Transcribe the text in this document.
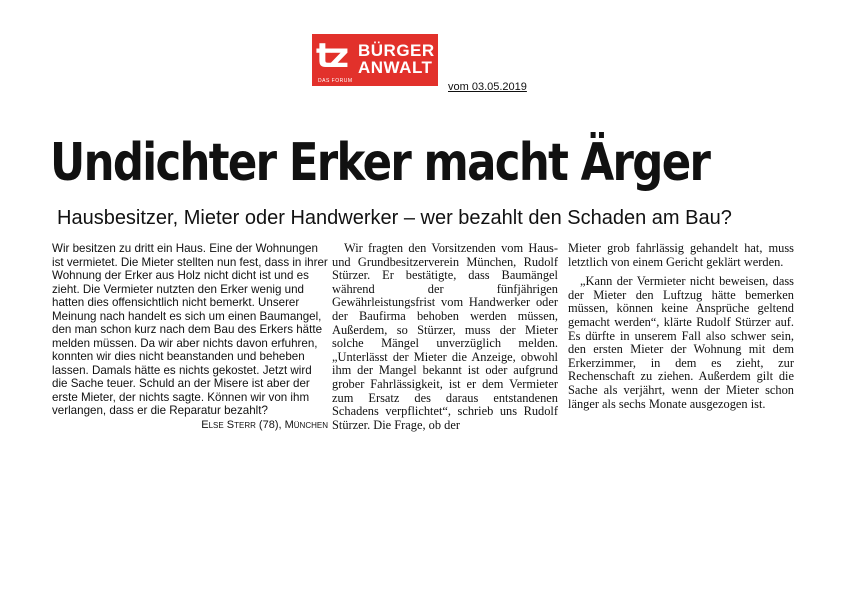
tz BÜRGER
ANWALT
DAS FORUM	vom 03.05.2019
Undichter Erker macht Ärger
Hausbesitzer, Mieter oder Handwerker – wer bezahlt den Schaden am Bau?

Wir besitzen zu dritt ein Haus. Eine der Wohnungen ist vermietet. Die Mieter stellten nun fest, dass in ihrer Wohnung der Erker aus Holz nicht dicht ist und es zieht. Die Vermieter nutzten den Erker wenig und hatten dies offensichtlich nicht bemerkt. Unserer Meinung nach handelt es sich um einen Baumangel, den man schon kurz nach dem Bau des Erkers hätte melden müssen. Da wir aber nichts davon erfuhren, konnten wir dies nicht beanstanden und beheben lassen. Damals hätte es nichts gekostet. Jetzt wird die Sache teuer. Schuld an der Misere ist aber der erste Mieter, der nichts sagte. Können wir von ihm verlangen, dass er die Reparatur bezahlt?

Else Sterr (78), München

Wir fragten den Vorsitzenden vom Haus- und Grundbesitzerverein München, Rudolf Stürzer. Er bestätigte, dass Baumängel während der fünfjährigen Gewährleistungsfrist vom Handwerker oder der Baufirma behoben werden müssen, Außerdem, so Stürzer, muss der Mieter solche Mängel unverzüglich melden. „Unterlässt der Mieter die Anzeige, obwohl ihm der Mangel bekannt ist oder aufgrund grober Fahrlässigkeit, ist er dem Vermieter zum Ersatz des daraus entstandenen Schadens verpflichtet“, schrieb uns Rudolf Stürzer. Die Frage, ob der

Mieter grob fahrlässig gehandelt hat, muss letztlich von einem Gericht geklärt werden.

„Kann der Vermieter nicht beweisen, dass der Mieter den Luftzug hätte bemerken müssen, können keine Ansprüche geltend gemacht werden“, klärte Rudolf Stürzer auf. Es dürfte in unserem Fall also schwer sein, den ersten Mieter der Wohnung mit dem Erkerzimmer, in dem es zieht, zur Rechenschaft zu ziehen. Außerdem gilt die Sache als verjährt, wenn der Mieter schon länger als sechs Monate ausgezogen ist.
